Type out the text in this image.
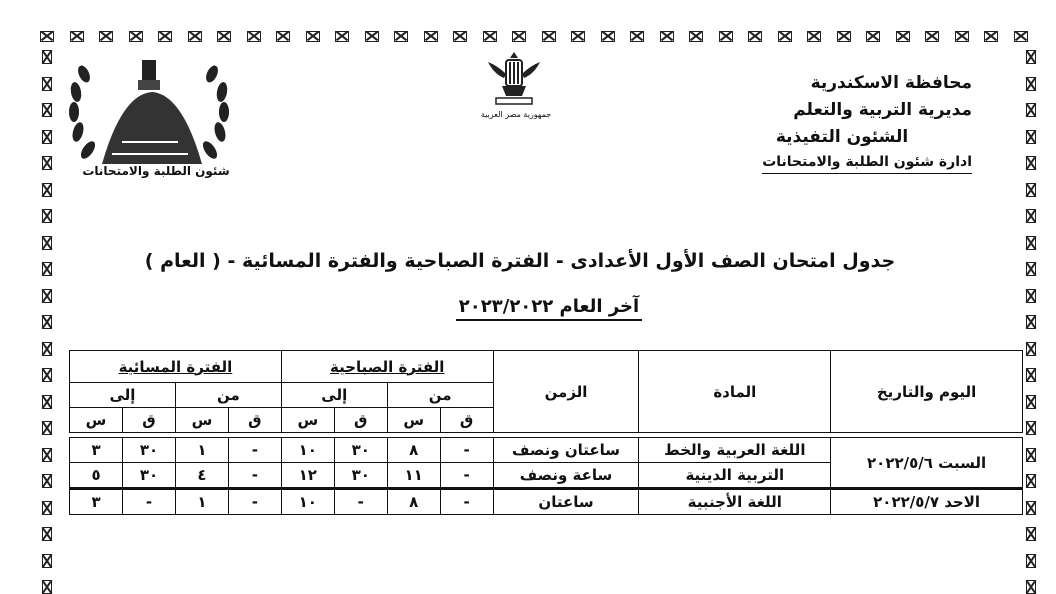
محافظة الاسكندرية
مديرية التربية والتعلم
الشئون التفيذية
ادارة شئون الطلبة والامتحانات
جمهورية مصر العربية
شئون الطلبة والامتحانات
جدول امتحان الصف الأول الأعدادى - الفترة الصباحية والفترة المسائية - ( العام )
آخر العام ٢٠٢٣/٢٠٢٢
اليوم والتاريخ	المادة	الزمن	الفترة الصباحية				الفترة المسائية			
			من		إلى		من		إلى	
			ق	س	ق	س	ق	س	ق	س

السبت ٢٠٢٢/٥/٦	اللغة العربية والخط	ساعتان ونصف	-	٨	٣٠	١٠	-	١	٣٠	٣
	التربية الدينية	ساعة ونصف	-	١١	٣٠	١٢	-	٤	٣٠	٥
الاحد ٢٠٢٢/٥/٧	اللغة الأجنبية	ساعتان	-	٨	-	١٠	-	١	-	٣
